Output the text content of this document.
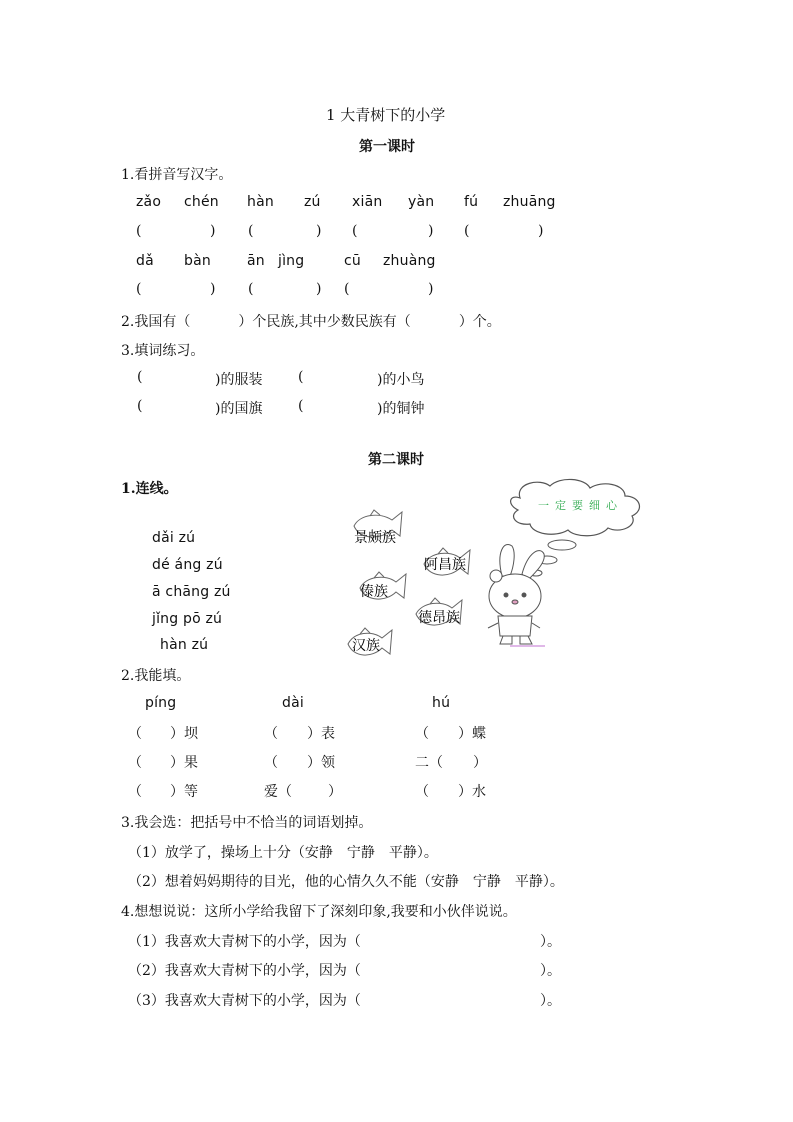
1 大青树下的小学
第一课时
1.看拼音写汉字。
zǎo chén hàn zú xiān yàn fú zhuāng
(	) (	) (	) (	)
dǎ bàn	ān jìng	cū zhuàng
(	) (	) (	)
2.我国有（	）个民族,其中少数民族有（	）个。
3.填词练习。
(	)的服装	(	)的小鸟
(	)的国旗	(	)的铜钟
第二课时
1.连线。
dǎi zú
dé áng zú
ā chāng zú
jǐng pō zú
hàn zú
一定要细心
景颇族
阿昌族
傣族
德昂族
汉族
2.我能填。
píng	dài	hú
（ ）坝	（ ）表	（ ）蝶
（ ）果	（ ）领	二（ ）
（ ）等	爱（	）	（ ）水
3.我会选：把括号中不恰当的词语划掉。
（1）放学了，操场上十分（安静　宁静　平静）。
（2）想着妈妈期待的目光，他的心情久久不能（安静　宁静　平静）。
4.想想说说：这所小学给我留下了深刻印象,我要和小伙伴说说。
（1）我喜欢大青树下的小学，因为（	）。
（2）我喜欢大青树下的小学，因为（	）。
（3）我喜欢大青树下的小学，因为（	）。
